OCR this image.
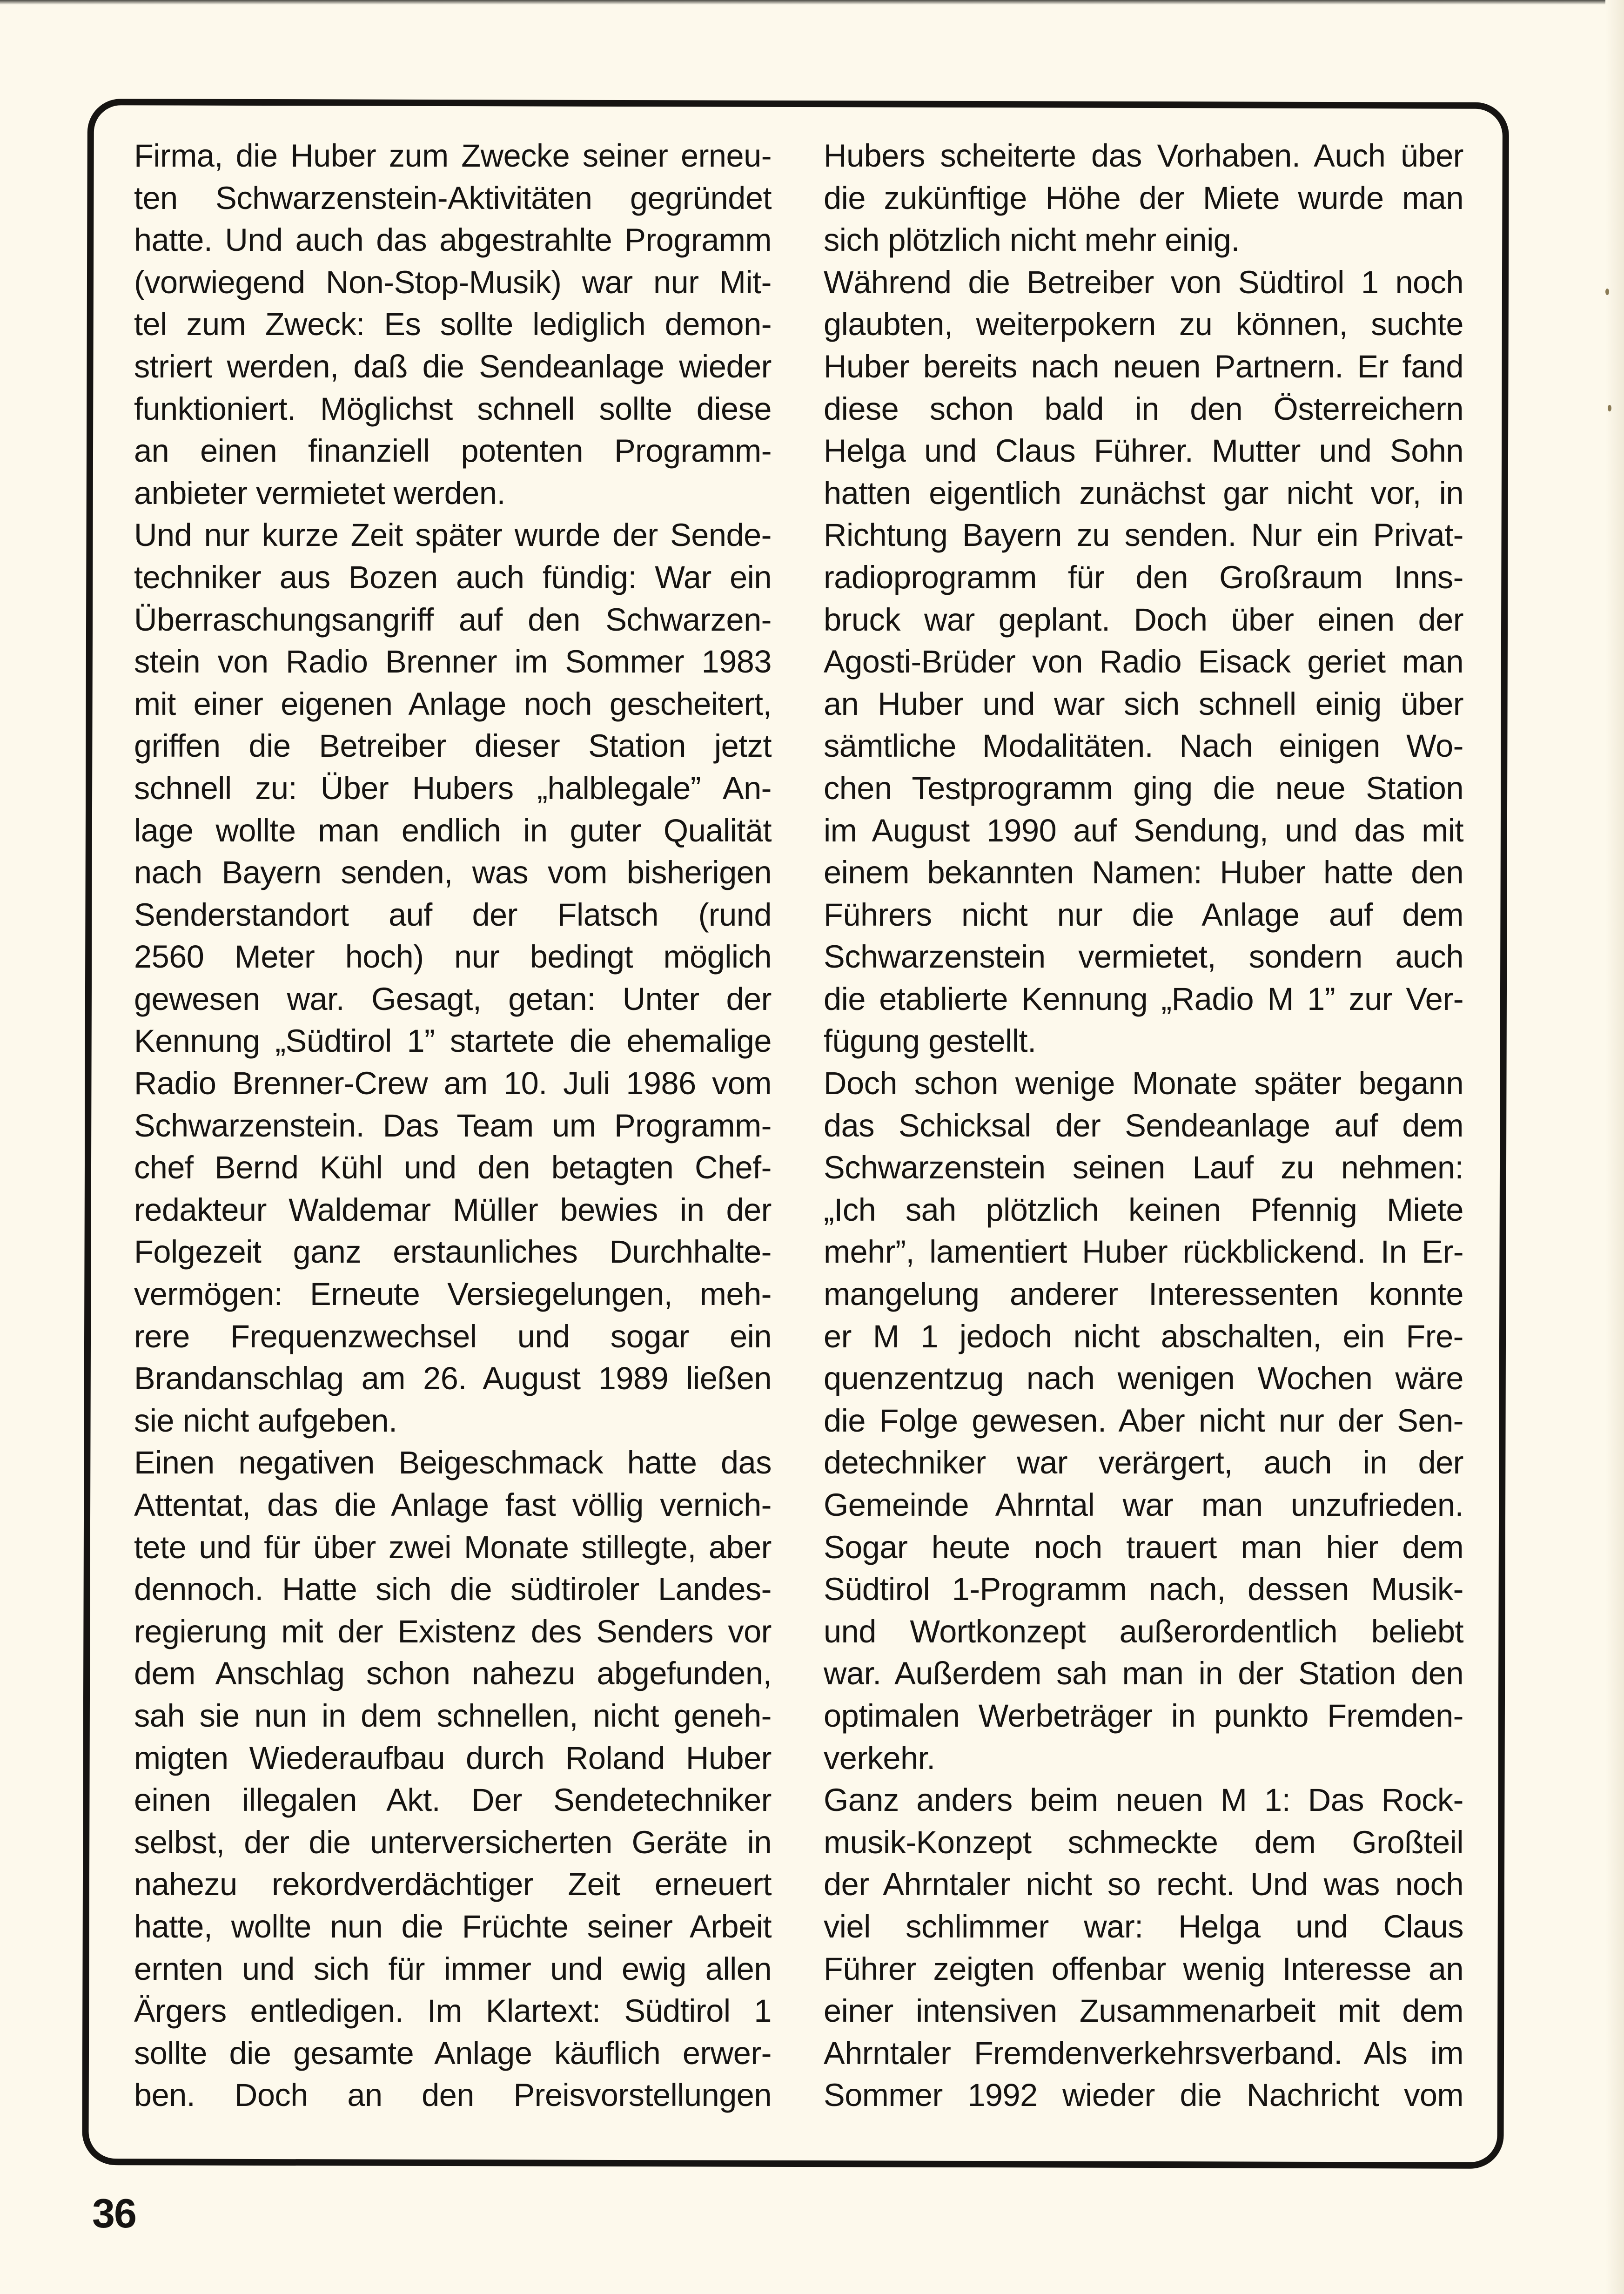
Firma, die Huber zum Zwecke seiner erneu-
ten Schwarzenstein-Aktivitäten gegründet
hatte. Und auch das abgestrahlte Programm
(vorwiegend Non-Stop-Musik) war nur Mit-
tel zum Zweck: Es sollte lediglich demon-
striert werden, daß die Sendeanlage wieder
funktioniert. Möglichst schnell sollte diese
an einen finanziell potenten Programm-
anbieter vermietet werden.
Und nur kurze Zeit später wurde der Sende-
techniker aus Bozen auch fündig: War ein
Überraschungsangriff auf den Schwarzen-
stein von Radio Brenner im Sommer 1983
mit einer eigenen Anlage noch gescheitert,
griffen die Betreiber dieser Station jetzt
schnell zu: Über Hubers „halblegale” An-
lage wollte man endlich in guter Qualität
nach Bayern senden, was vom bisherigen
Senderstandort auf der Flatsch (rund
2560 Meter hoch) nur bedingt möglich
gewesen war. Gesagt, getan: Unter der
Kennung „Südtirol 1” startete die ehemalige
Radio Brenner-Crew am 10. Juli 1986 vom
Schwarzenstein. Das Team um Programm-
chef Bernd Kühl und den betagten Chef-
redakteur Waldemar Müller bewies in der
Folgezeit ganz erstaunliches Durchhalte-
vermögen: Erneute Versiegelungen, meh-
rere Frequenzwechsel und sogar ein
Brandanschlag am 26. August 1989 ließen
sie nicht aufgeben.
Einen negativen Beigeschmack hatte das
Attentat, das die Anlage fast völlig vernich-
tete und für über zwei Monate stillegte, aber
dennoch. Hatte sich die südtiroler Landes-
regierung mit der Existenz des Senders vor
dem Anschlag schon nahezu abgefunden,
sah sie nun in dem schnellen, nicht geneh-
migten Wiederaufbau durch Roland Huber
einen illegalen Akt. Der Sendetechniker
selbst, der die unterversicherten Geräte in
nahezu rekordverdächtiger Zeit erneuert
hatte, wollte nun die Früchte seiner Arbeit
ernten und sich für immer und ewig allen
Ärgers entledigen. Im Klartext: Südtirol 1
sollte die gesamte Anlage käuflich erwer-
ben. Doch an den Preisvorstellungen
Hubers scheiterte das Vorhaben. Auch über
die zukünftige Höhe der Miete wurde man
sich plötzlich nicht mehr einig.
Während die Betreiber von Südtirol 1 noch
glaubten, weiterpokern zu können, suchte
Huber bereits nach neuen Partnern. Er fand
diese schon bald in den Österreichern
Helga und Claus Führer. Mutter und Sohn
hatten eigentlich zunächst gar nicht vor, in
Richtung Bayern zu senden. Nur ein Privat-
radioprogramm für den Großraum Inns-
bruck war geplant. Doch über einen der
Agosti-Brüder von Radio Eisack geriet man
an Huber und war sich schnell einig über
sämtliche Modalitäten. Nach einigen Wo-
chen Testprogramm ging die neue Station
im August 1990 auf Sendung, und das mit
einem bekannten Namen: Huber hatte den
Führers nicht nur die Anlage auf dem
Schwarzenstein vermietet, sondern auch
die etablierte Kennung „Radio M 1” zur Ver-
fügung gestellt.
Doch schon wenige Monate später begann
das Schicksal der Sendeanlage auf dem
Schwarzenstein seinen Lauf zu nehmen:
„Ich sah plötzlich keinen Pfennig Miete
mehr”, lamentiert Huber rückblickend. In Er-
mangelung anderer Interessenten konnte
er M 1 jedoch nicht abschalten, ein Fre-
quenzentzug nach wenigen Wochen wäre
die Folge gewesen. Aber nicht nur der Sen-
detechniker war verärgert, auch in der
Gemeinde Ahrntal war man unzufrieden.
Sogar heute noch trauert man hier dem
Südtirol 1-Programm nach, dessen Musik-
und Wortkonzept außerordentlich beliebt
war. Außerdem sah man in der Station den
optimalen Werbeträger in punkto Fremden-
verkehr.
Ganz anders beim neuen M 1: Das Rock-
musik-Konzept schmeckte dem Großteil
der Ahrntaler nicht so recht. Und was noch
viel schlimmer war: Helga und Claus
Führer zeigten offenbar wenig Interesse an
einer intensiven Zusammenarbeit mit dem
Ahrntaler Fremdenverkehrsverband. Als im
Sommer 1992 wieder die Nachricht vom
36
